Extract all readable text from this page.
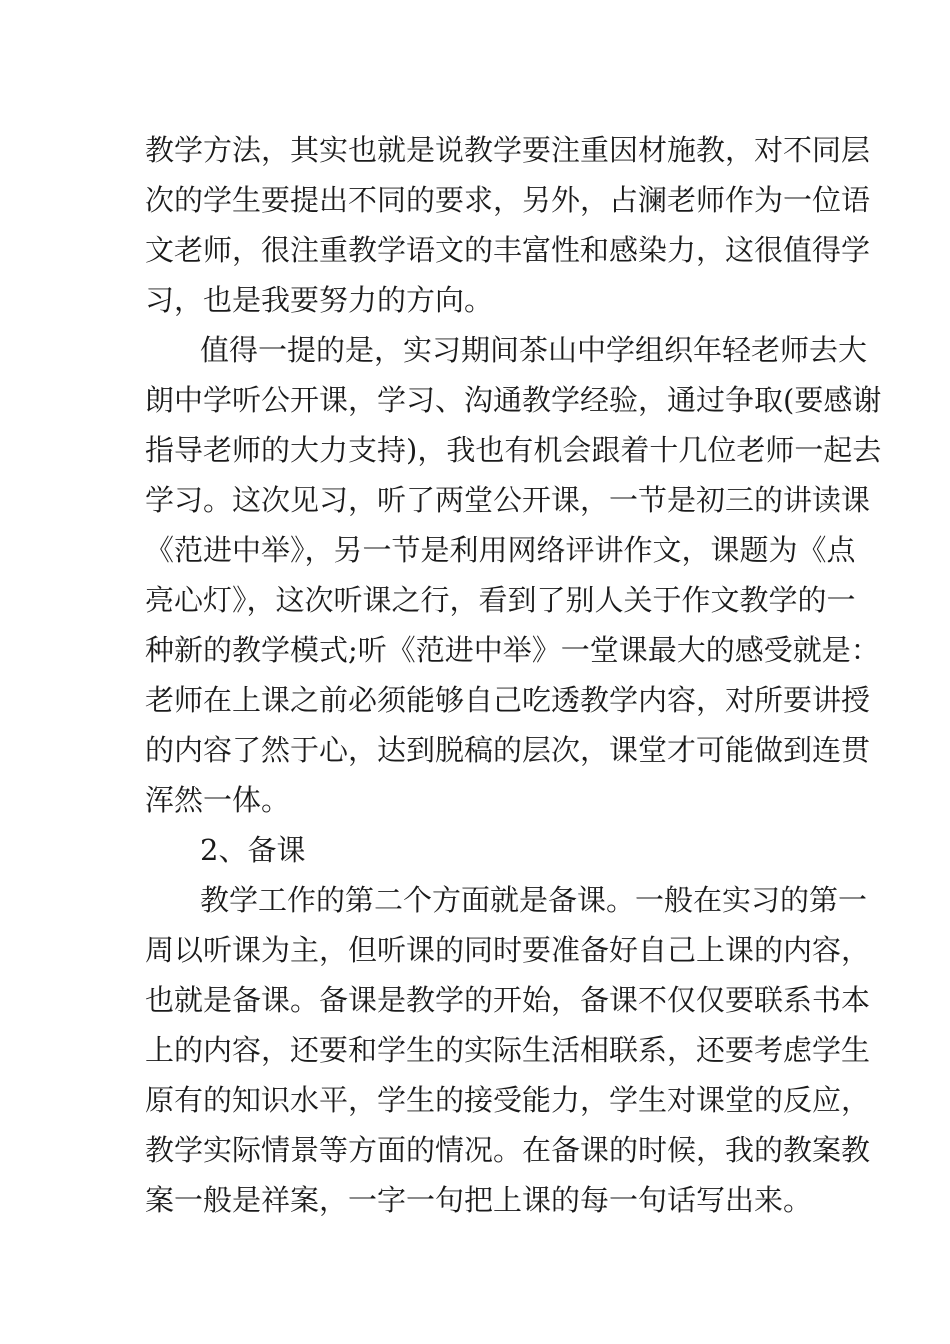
教学方法，其实也就是说教学要注重因材施教，对不同层
次的学生要提出不同的要求，另外，占澜老师作为一位语
文老师，很注重教学语文的丰富性和感染力，这很值得学
习，也是我要努力的方向。
值得一提的是，实习期间茶山中学组织年轻老师去大
朗中学听公开课，学习、沟通教学经验，通过争取(要感谢
指导老师的大力支持)，我也有机会跟着十几位老师一起去
学习。这次见习，听了两堂公开课，一节是初三的讲读课
《范进中举》，另一节是利用网络评讲作文，课题为《点
亮心灯》，这次听课之行，看到了别人关于作文教学的一
种新的教学模式;听《范进中举》一堂课最大的感受就是：
老师在上课之前必须能够自己吃透教学内容，对所要讲授
的内容了然于心，达到脱稿的层次，课堂才可能做到连贯
浑然一体。
2、备课
教学工作的第二个方面就是备课。一般在实习的第一
周以听课为主，但听课的同时要准备好自己上课的内容，
也就是备课。备课是教学的开始，备课不仅仅要联系书本
上的内容，还要和学生的实际生活相联系，还要考虑学生
原有的知识水平，学生的接受能力，学生对课堂的反应，
教学实际情景等方面的情况。在备课的时候，我的教案教
案一般是祥案，一字一句把上课的每一句话写出来。
